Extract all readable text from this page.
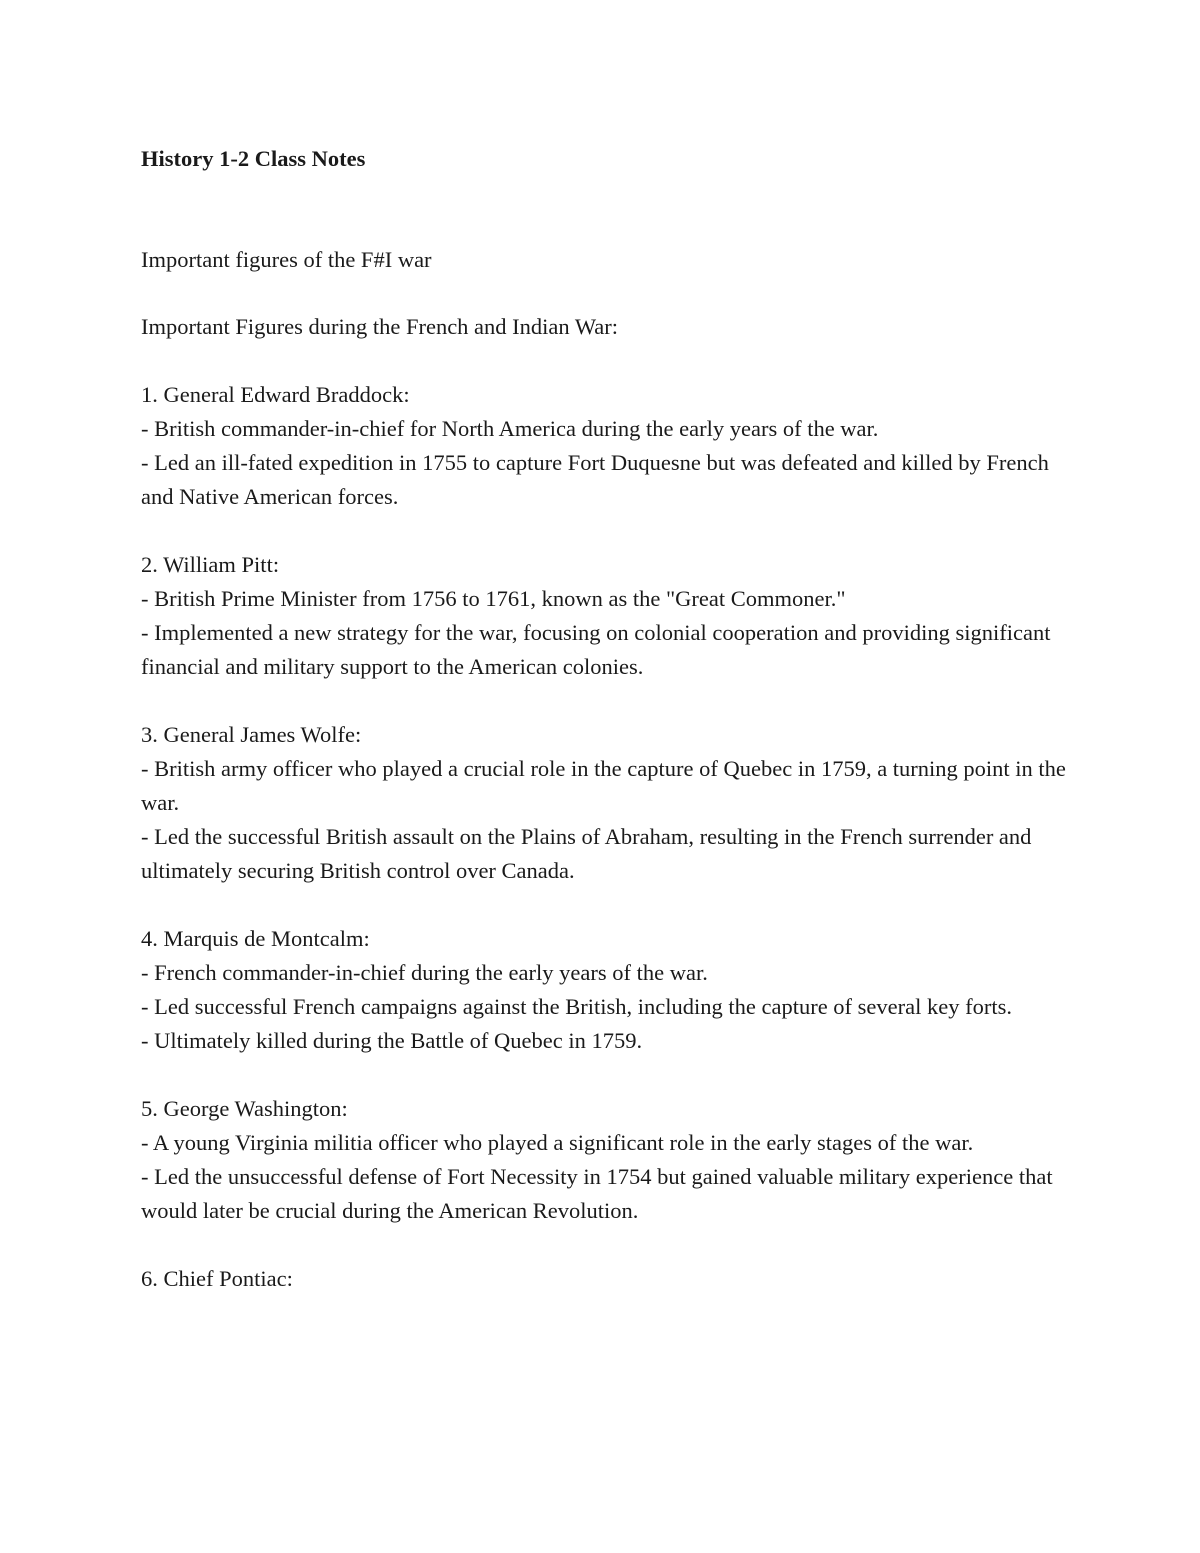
History 1-2 Class Notes
Important figures of the F#I war
Important Figures during the French and Indian War:
1. General Edward Braddock:
- British commander-in-chief for North America during the early years of the war.
- Led an ill-fated expedition in 1755 to capture Fort Duquesne but was defeated and killed by French and Native American forces.
2. William Pitt:
- British Prime Minister from 1756 to 1761, known as the "Great Commoner."
- Implemented a new strategy for the war, focusing on colonial cooperation and providing significant financial and military support to the American colonies.
3. General James Wolfe:
- British army officer who played a crucial role in the capture of Quebec in 1759, a turning point in the war.
- Led the successful British assault on the Plains of Abraham, resulting in the French surrender and ultimately securing British control over Canada.
4. Marquis de Montcalm:
- French commander-in-chief during the early years of the war.
- Led successful French campaigns against the British, including the capture of several key forts.
- Ultimately killed during the Battle of Quebec in 1759.
5. George Washington:
- A young Virginia militia officer who played a significant role in the early stages of the war.
- Led the unsuccessful defense of Fort Necessity in 1754 but gained valuable military experience that would later be crucial during the American Revolution.
6. Chief Pontiac:
